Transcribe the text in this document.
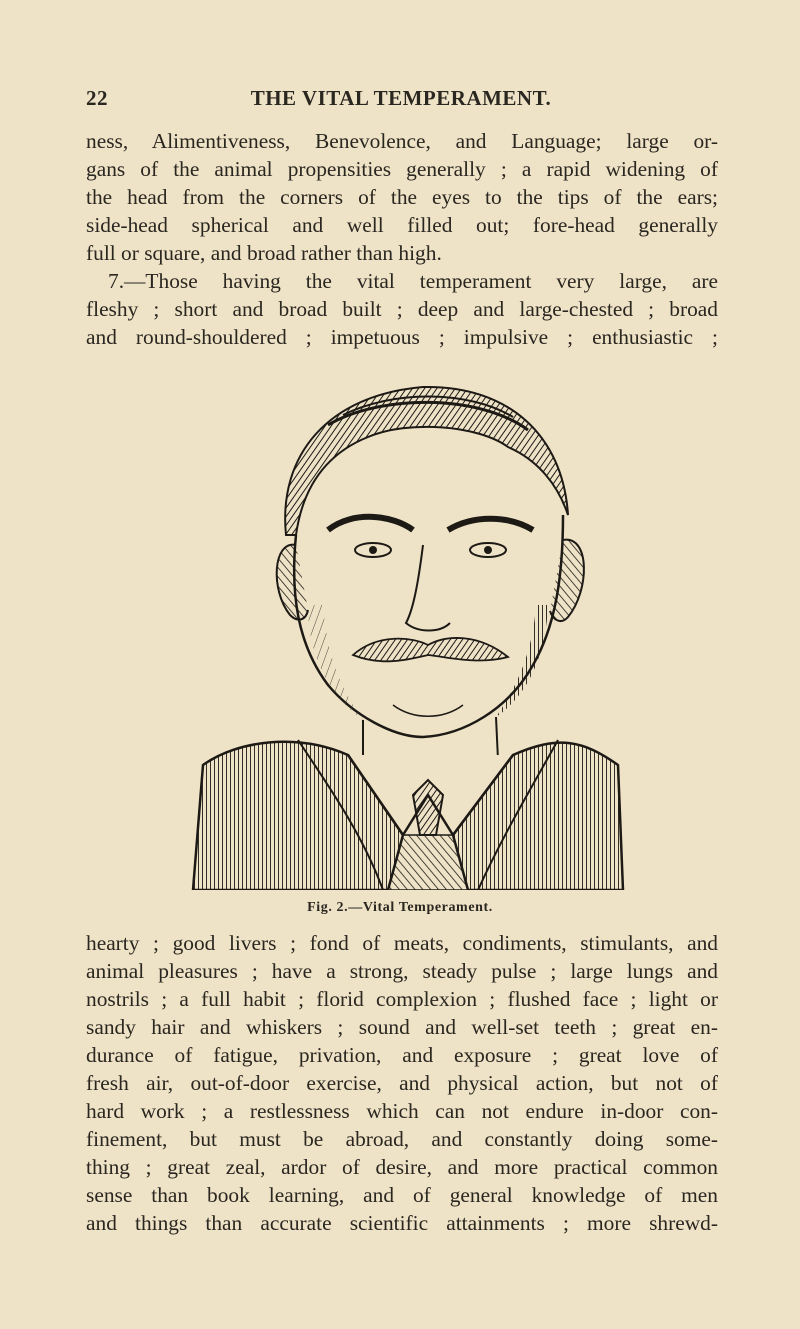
22	THE VITAL TEMPERAMENT.

ness, Alimentiveness, Benevolence, and Language; large or-
gans of the animal propensities generally ; a rapid widening of
the head from the corners of the eyes to the tips of the ears;
side-head spherical and well filled out; fore-head generally
full or square, and broad rather than high.

7.—Those having the vital temperament very large, are
fleshy ; short and broad built ; deep and large-chested ; broad
and round-shouldered ; impetuous ; impulsive ; enthusiastic ;

Fig. 2.—Vital Temperament.

hearty ; good livers ; fond of meats, condiments, stimulants, and
animal pleasures ; have a strong, steady pulse ; large lungs and
nostrils ; a full habit ; florid complexion ; flushed face ; light or
sandy hair and whiskers ; sound and well-set teeth ; great en-
durance of fatigue, privation, and exposure ; great love of
fresh air, out-of-door exercise, and physical action, but not of
hard work ; a restlessness which can not endure in-door con-
finement, but must be abroad, and constantly doing some-
thing ; great zeal, ardor of desire, and more practical common
sense than book learning, and of general knowledge of men
and things than accurate scientific attainments ; more shrewd-
